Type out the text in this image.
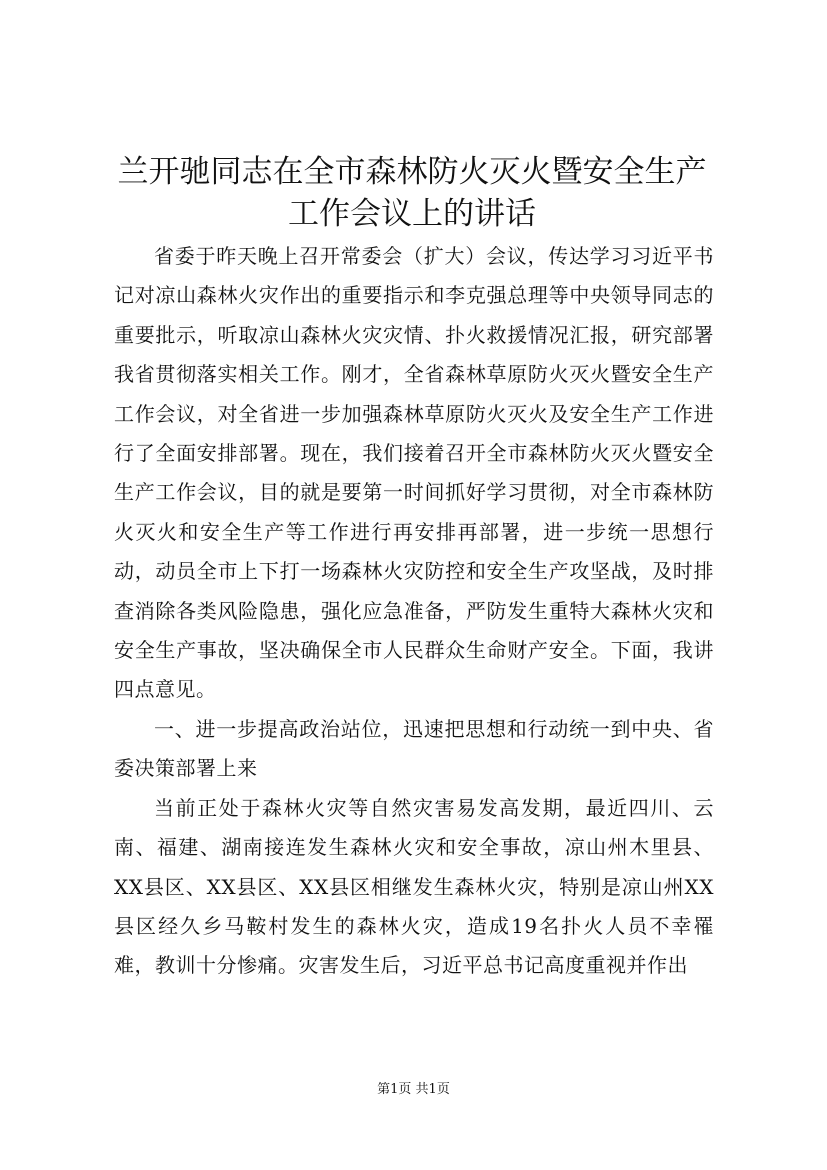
兰开驰同志在全市森林防火灭火暨安全生产工作会议上的讲话

省委于昨天晚上召开常委会（扩大）会议，传达学习习近平书记对凉山森林火灾作出的重要指示和李克强总理等中央领导同志的重要批示，听取凉山森林火灾灾情、扑火救援情况汇报，研究部署我省贯彻落实相关工作。刚才，全省森林草原防火灭火暨安全生产工作会议，对全省进一步加强森林草原防火灭火及安全生产工作进行了全面安排部署。现在，我们接着召开全市森林防火灭火暨安全生产工作会议，目的就是要第一时间抓好学习贯彻，对全市森林防火灭火和安全生产等工作进行再安排再部署，进一步统一思想行动，动员全市上下打一场森林火灾防控和安全生产攻坚战，及时排查消除各类风险隐患，强化应急准备，严防发生重特大森林火灾和安全生产事故，坚决确保全市人民群众生命财产安全。下面，我讲四点意见。

一、进一步提高政治站位，迅速把思想和行动统一到中央、省委决策部署上来

当前正处于森林火灾等自然灾害易发高发期，最近四川、云南、福建、湖南接连发生森林火灾和安全事故，凉山州木里县、XX县区、XX县区、XX县区相继发生森林火灾，特别是凉山州XX县区经久乡马鞍村发生的森林火灾，造成19名扑火人员不幸罹难，教训十分惨痛。灾害发生后，习近平总书记高度重视并作出

第1页 共1页
